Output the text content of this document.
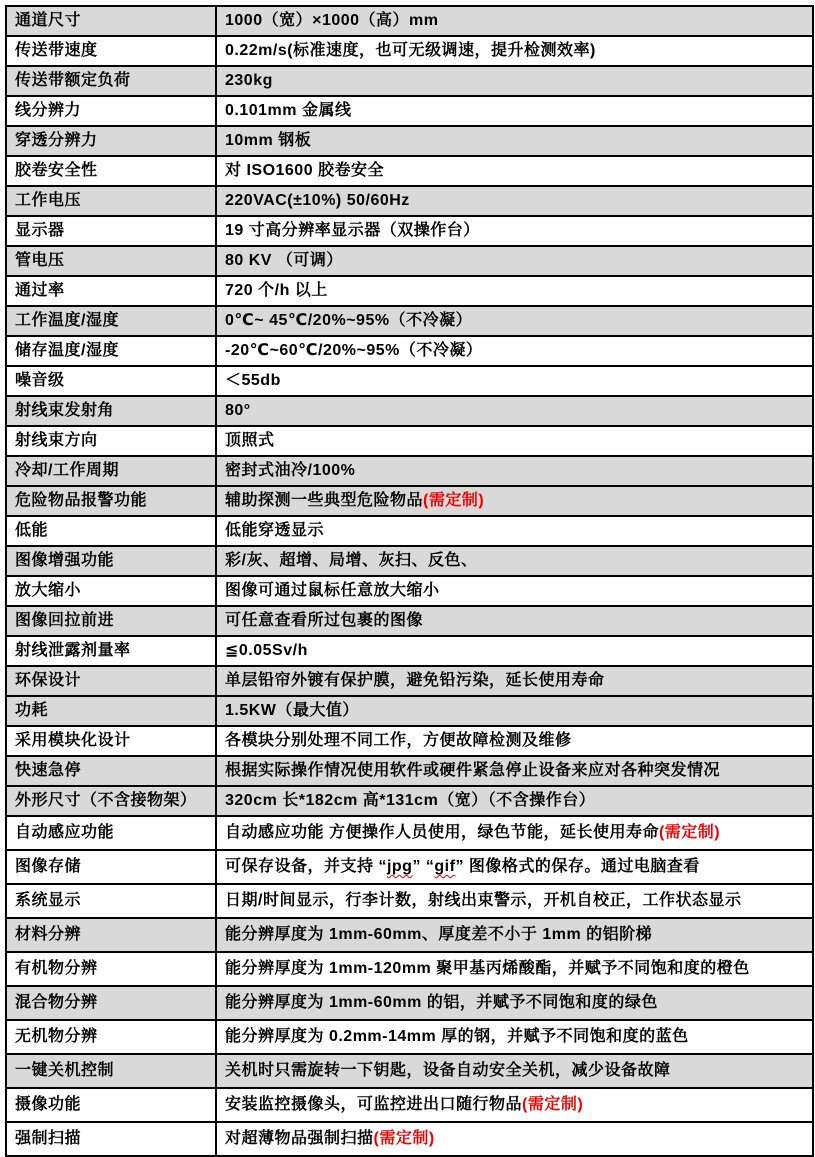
通道尺寸	1000（宽）×1000（高）mm
传送带速度	0.22m/s(标准速度，也可无级调速，提升检测效率)
传送带额定负荷	230kg
线分辨力	0.101mm 金属线
穿透分辨力	10mm 钢板
胶卷安全性	对 ISO1600 胶卷安全
工作电压	220VAC(±10%) 50/60Hz
显示器	19 寸高分辨率显示器（双操作台）
管电压	80 KV （可调）
通过率	720 个/h 以上
工作温度/湿度	0℃~ 45℃/20%~95%（不冷凝）
储存温度/湿度	-20℃~60℃/20%~95%（不冷凝）
噪音级	＜55db
射线束发射角	80°
射线束方向	顶照式
冷却/工作周期	密封式油冷/100%
危险物品报警功能	辅助探测一些典型危险物品(需定制)
低能	低能穿透显示
图像增强功能	彩/灰、超增、局增、灰扫、反色、
放大缩小	图像可通过鼠标任意放大缩小
图像回拉前进	可任意查看所过包裹的图像
射线泄露剂量率	≦0.05Sv/h
环保设计	单层铅帘外镀有保护膜，避免铅污染，延长使用寿命
功耗	1.5KW（最大值）
采用模块化设计	各模块分别处理不同工作，方便故障检测及维修
快速急停	根据实际操作情况使用软件或硬件紧急停止设备来应对各种突发情况
外形尺寸（不含接物架）	320cm 长*182cm 高*131cm（宽）（不含操作台）
自动感应功能	自动感应功能 方便操作人员使用，绿色节能，延长使用寿命(需定制)
图像存储	可保存设备，并支持 “jpg” “gif” 图像格式的保存。通过电脑查看
系统显示	日期/时间显示，行李计数，射线出束警示，开机自校正，工作状态显示
材料分辨	能分辨厚度为 1mm-60mm、厚度差不小于 1mm 的铝阶梯
有机物分辨	能分辨厚度为 1mm-120mm 聚甲基丙烯酸酯，并赋予不同饱和度的橙色
混合物分辨	能分辨厚度为 1mm-60mm 的铝，并赋予不同饱和度的绿色
无机物分辨	能分辨厚度为 0.2mm-14mm 厚的钢，并赋予不同饱和度的蓝色
一键关机控制	关机时只需旋转一下钥匙，设备自动安全关机，减少设备故障
摄像功能	安装监控摄像头，可监控进出口随行物品(需定制)
强制扫描	对超薄物品强制扫描(需定制)
